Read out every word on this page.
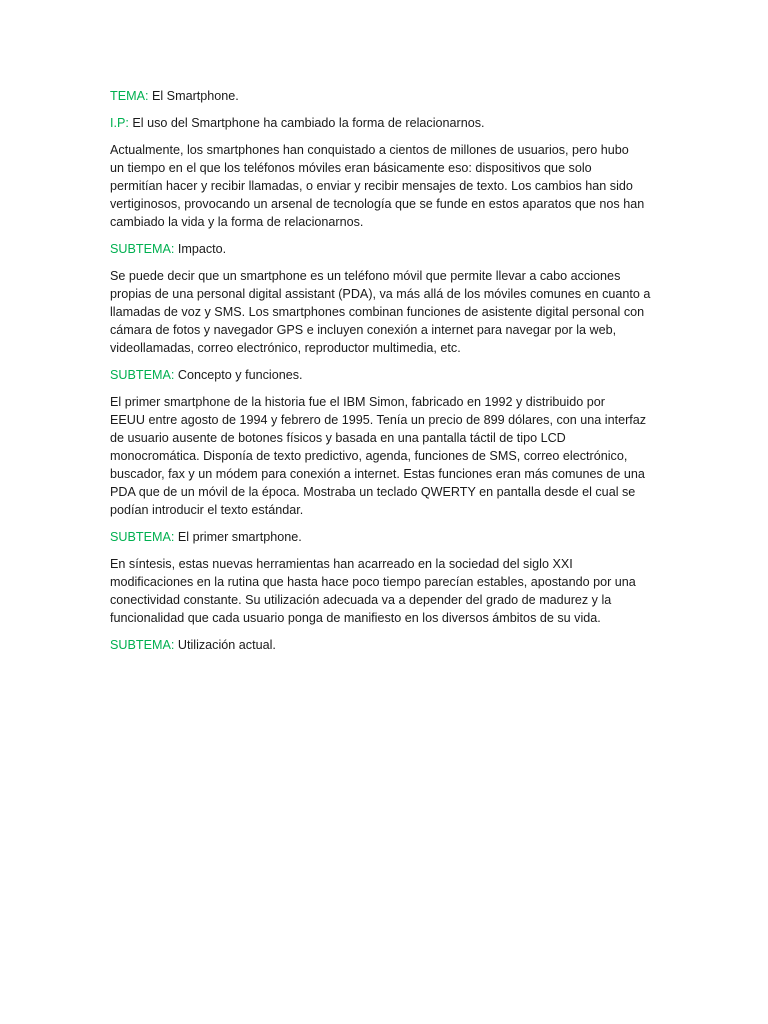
TEMA: El Smartphone.

I.P: El uso del Smartphone ha cambiado la forma de relacionarnos.

Actualmente, los smartphones han conquistado a cientos de millones de usuarios, pero hubo
un tiempo en el que los teléfonos móviles eran básicamente eso: dispositivos que solo
permitían hacer y recibir llamadas, o enviar y recibir mensajes de texto. Los cambios han sido
vertiginosos, provocando un arsenal de tecnología que se funde en estos aparatos que nos han
cambiado la vida y la forma de relacionarnos.

SUBTEMA: Impacto.

Se puede decir que un smartphone es un teléfono móvil que permite llevar a cabo acciones
propias de una personal digital assistant (PDA), va más allá de los móviles comunes en cuanto a
llamadas de voz y SMS. Los smartphones combinan funciones de asistente digital personal con
cámara de fotos y navegador GPS e incluyen conexión a internet para navegar por la web,
videollamadas, correo electrónico, reproductor multimedia, etc.

SUBTEMA: Concepto y funciones.

El primer smartphone de la historia fue el IBM Simon, fabricado en 1992 y distribuido por
EEUU entre agosto de 1994 y febrero de 1995. Tenía un precio de 899 dólares, con una interfaz
de usuario ausente de botones físicos y basada en una pantalla táctil de tipo LCD
monocromática. Disponía de texto predictivo, agenda, funciones de SMS, correo electrónico,
buscador, fax y un módem para conexión a internet. Estas funciones eran más comunes de una
PDA que de un móvil de la época. Mostraba un teclado QWERTY en pantalla desde el cual se
podían introducir el texto estándar.

SUBTEMA: El primer smartphone.

En síntesis, estas nuevas herramientas han acarreado en la sociedad del siglo XXI
modificaciones en la rutina que hasta hace poco tiempo parecían estables, apostando por una
conectividad constante. Su utilización adecuada va a depender del grado de madurez y la
funcionalidad que cada usuario ponga de manifiesto en los diversos ámbitos de su vida.

SUBTEMA: Utilización actual.
